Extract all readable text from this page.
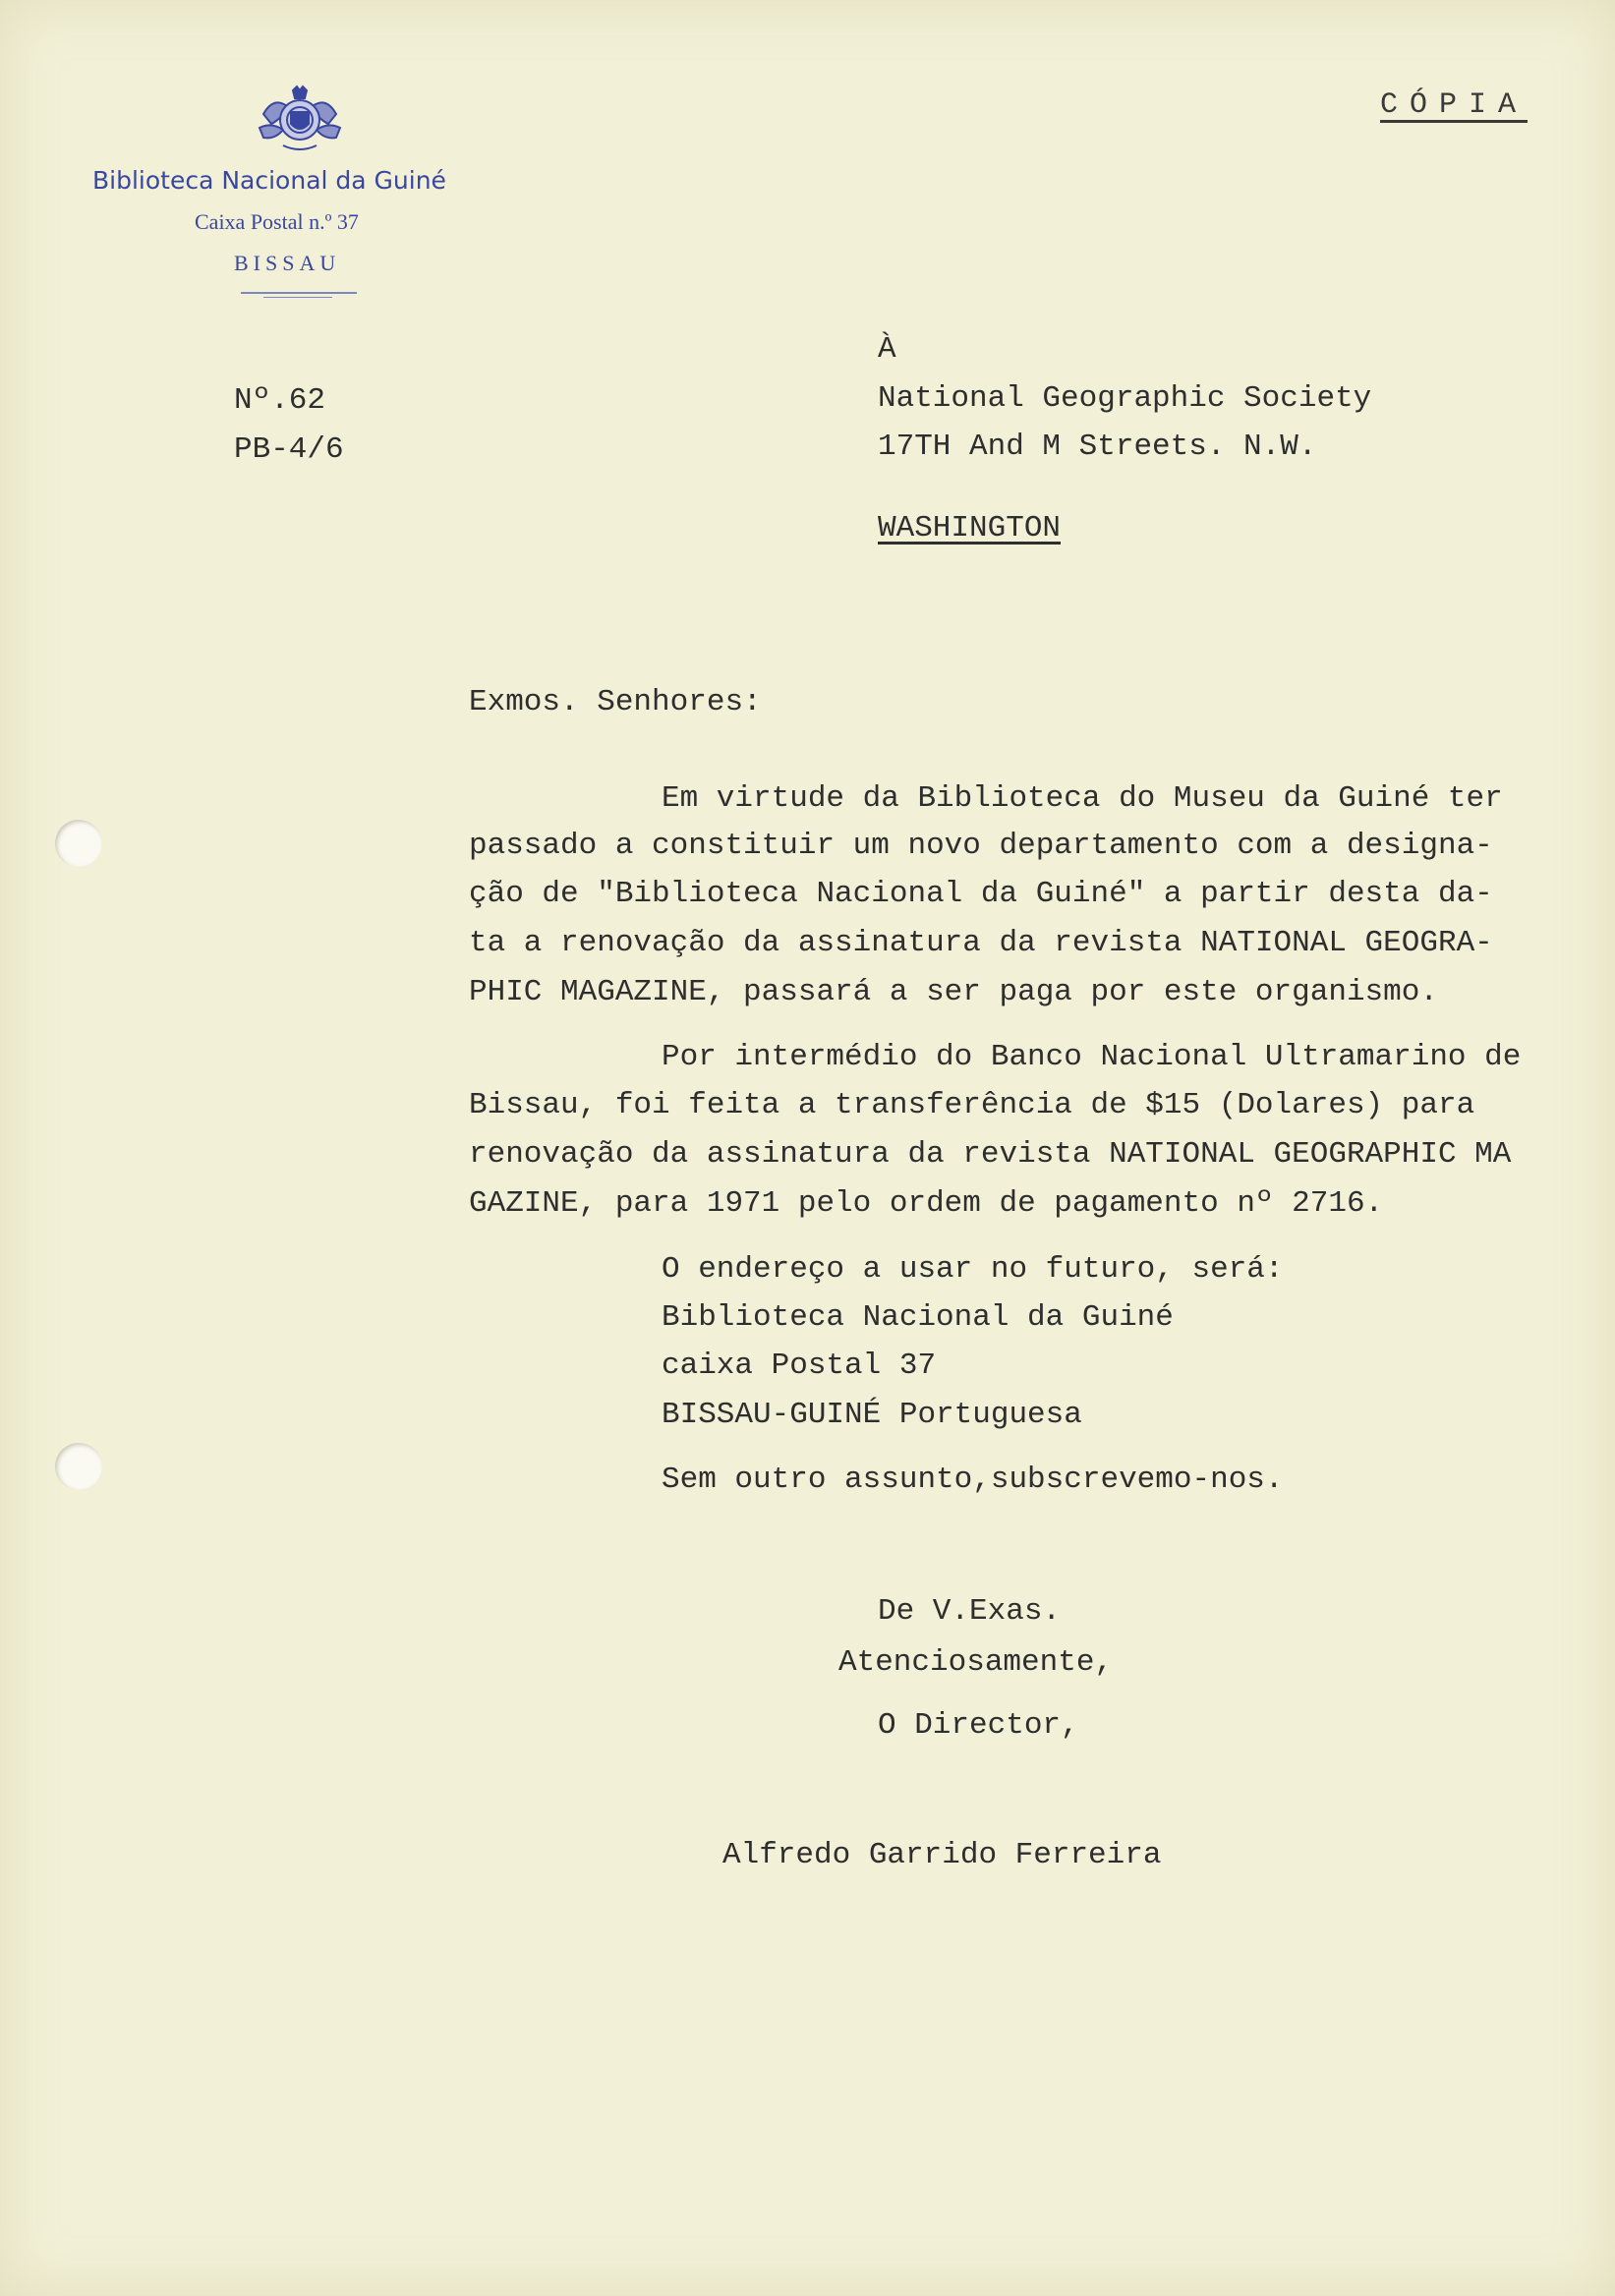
Biblioteca Nacional da Guiné
Caixa Postal n.º 37
BISSAU
CÓPIA
Nº.62
PB-4/6
À
National Geographic Society
17TH And M Streets. N.W.
WASHINGTON
Exmos. Senhores:
Em virtude da Biblioteca do Museu da Guiné ter
passado a constituir um novo departamento com a designa-
ção de "Biblioteca Nacional da Guiné" a partir desta da-
ta a renovação da assinatura da revista NATIONAL GEOGRA-
PHIC MAGAZINE, passará a ser paga por este organismo.
Por intermédio do Banco Nacional Ultramarino de
Bissau, foi feita a transferência de $15 (Dolares) para
renovação da assinatura da revista NATIONAL GEOGRAPHIC MA
GAZINE, para 1971 pelo ordem de pagamento nº 2716.
O endereço a usar no futuro, será:
Biblioteca Nacional da Guiné
caixa Postal 37
BISSAU-GUINÉ Portuguesa
Sem outro assunto,subscrevemo-nos.
De V.Exas.
Atenciosamente,
O Director,
Alfredo Garrido Ferreira
